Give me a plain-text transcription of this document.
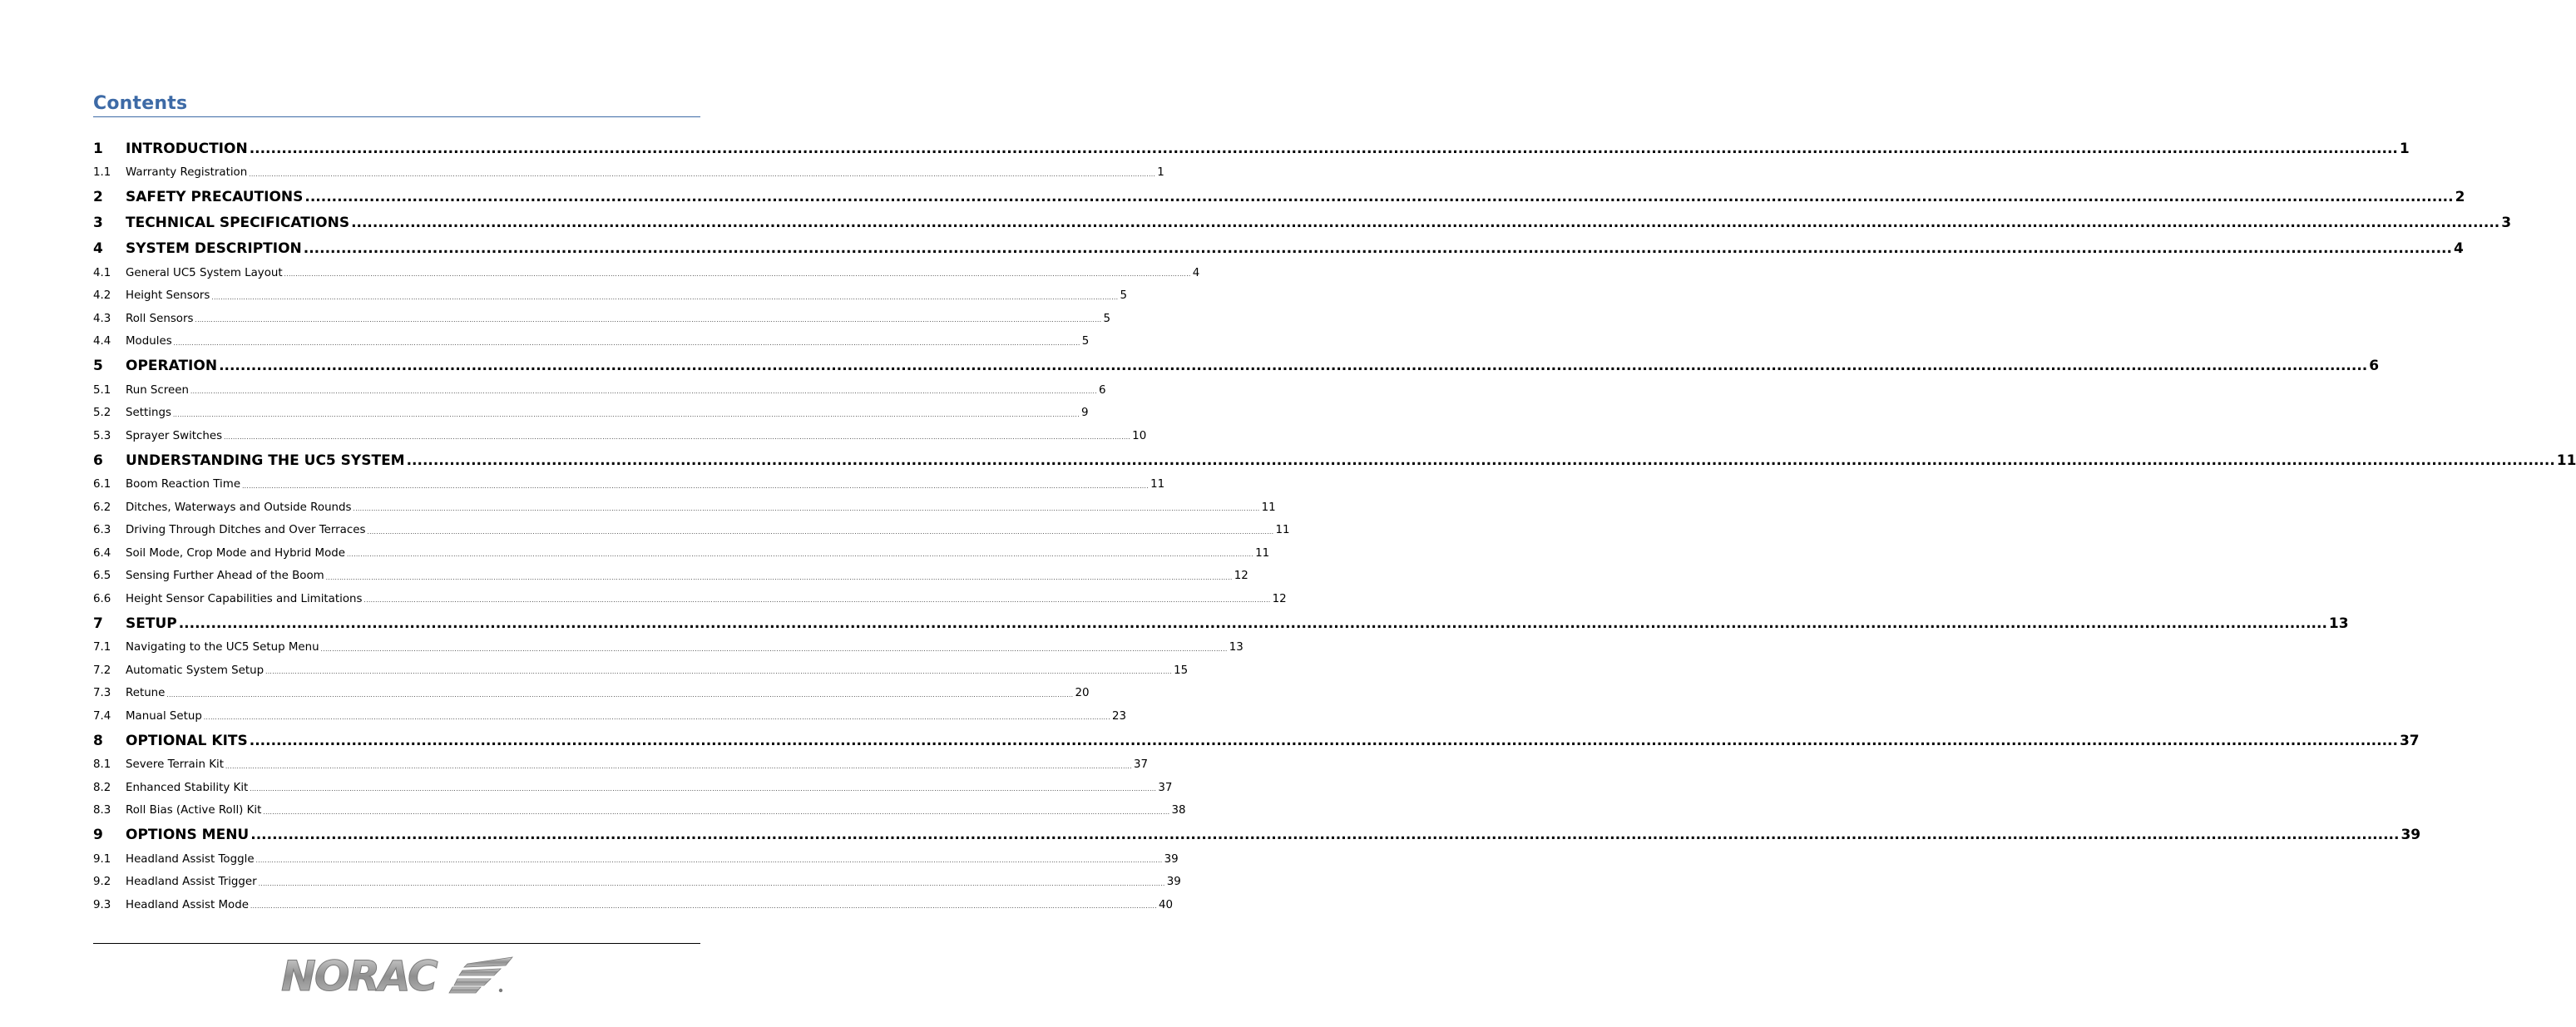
Contents
1	INTRODUCTION ................................................................................................................................................................................................................................................................................................................................................................................................................ 1
1.1	Warranty Registration ................................................................................................................................................................................................................................................................................................................................................................................................................ 1
2	SAFETY PRECAUTIONS ................................................................................................................................................................................................................................................................................................................................................................................................................ 2
3	TECHNICAL SPECIFICATIONS ................................................................................................................................................................................................................................................................................................................................................................................................................ 3
4	SYSTEM DESCRIPTION ................................................................................................................................................................................................................................................................................................................................................................................................................ 4
4.1	General UC5 System Layout ................................................................................................................................................................................................................................................................................................................................................................................................................ 4
4.2	Height Sensors ................................................................................................................................................................................................................................................................................................................................................................................................................ 5
4.3	Roll Sensors ................................................................................................................................................................................................................................................................................................................................................................................................................ 5
4.4	Modules ................................................................................................................................................................................................................................................................................................................................................................................................................ 5
5	OPERATION ................................................................................................................................................................................................................................................................................................................................................................................................................ 6
5.1	Run Screen ................................................................................................................................................................................................................................................................................................................................................................................................................ 6
5.2	Settings ................................................................................................................................................................................................................................................................................................................................................................................................................ 9
5.3	Sprayer Switches ................................................................................................................................................................................................................................................................................................................................................................................................................ 10
6	UNDERSTANDING THE UC5 SYSTEM ................................................................................................................................................................................................................................................................................................................................................................................................................ 11
6.1	Boom Reaction Time ................................................................................................................................................................................................................................................................................................................................................................................................................ 11
6.2	Ditches, Waterways and Outside Rounds ................................................................................................................................................................................................................................................................................................................................................................................................................ 11
6.3	Driving Through Ditches and Over Terraces ................................................................................................................................................................................................................................................................................................................................................................................................................ 11
6.4	Soil Mode, Crop Mode and Hybrid Mode ................................................................................................................................................................................................................................................................................................................................................................................................................ 11
6.5	Sensing Further Ahead of the Boom ................................................................................................................................................................................................................................................................................................................................................................................................................ 12
6.6	Height Sensor Capabilities and Limitations ................................................................................................................................................................................................................................................................................................................................................................................................................ 12
7	SETUP ................................................................................................................................................................................................................................................................................................................................................................................................................ 13
7.1	Navigating to the UC5 Setup Menu ................................................................................................................................................................................................................................................................................................................................................................................................................ 13
7.2	Automatic System Setup ................................................................................................................................................................................................................................................................................................................................................................................................................ 15
7.3	Retune ................................................................................................................................................................................................................................................................................................................................................................................................................ 20
7.4	Manual Setup ................................................................................................................................................................................................................................................................................................................................................................................................................ 23
8	OPTIONAL KITS ................................................................................................................................................................................................................................................................................................................................................................................................................ 37
8.1	Severe Terrain Kit ................................................................................................................................................................................................................................................................................................................................................................................................................ 37
8.2	Enhanced Stability Kit ................................................................................................................................................................................................................................................................................................................................................................................................................ 37
8.3	Roll Bias (Active Roll) Kit ................................................................................................................................................................................................................................................................................................................................................................................................................ 38
9	OPTIONS MENU ................................................................................................................................................................................................................................................................................................................................................................................................................ 39
9.1	Headland Assist Toggle ................................................................................................................................................................................................................................................................................................................................................................................................................ 39
9.2	Headland Assist Trigger ................................................................................................................................................................................................................................................................................................................................................................................................................ 39
9.3	Headland Assist Mode ................................................................................................................................................................................................................................................................................................................................................................................................................ 40
NORAC
